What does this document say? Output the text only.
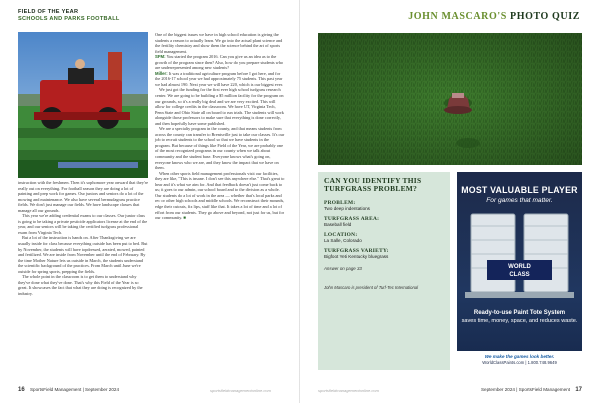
FIELD OF THE YEAR
SCHOOLS AND PARKS FOOTBALL

instruction with the freshmen. Then it's sophomore year onward that they're really out on everything. For football season they are doing a lot of painting and prep work for games. Our juniors and seniors do a lot of the mowing and maintenance. We also have several bermudagrass practice fields. We don't just manage our fields. We have landscape classes that manage all our grounds.

This year we're adding credential exams to our classes. Our junior class is going to be taking a private pesticide applicators license at the end of the year, and our seniors will be taking the certified turfgrass professional exam from Virginia Tech.

But a lot of the instruction is hands on. After Thanksgiving we are usually inside for class because everything outside has been put to bed. But by November, the students will have topdressed, aerated, mowed, painted and fertilized. We are inside from November until the end of February. By the time Mother Nature lets us outside in March, the students understand the scientific background of the practices. From March until June we're outside for spring sports, prepping the fields.

The whole point in the classroom is to get them to understand why they've done what they've done. That's why this Field of the Year is so great. It showcases the fact that what they are doing is recognized by the industry.

One of the biggest issues we have in high school education is giving the students a reason to actually learn. We go into the actual plant science and the fertility chemistry and show them the science behind the art of sports field management.

SFM: You started the program 2016. Can you give us an idea as to the growth of the program since then? Also, how do you prepare students who are underrepresented among new students?

Miller: It was a traditional agriculture program before I got here, and for the 2016-17 school year we had approximately 75 students. This past year we had almost 190. Next year we will have 220, which is our biggest ever.

We just got the funding for the first ever high school turfgrass research center. We are going to be building a $5 million facility for the program on our grounds, so it's a really big deal and we are very excited. This will allow for college credits in the classroom. We have UT, Virginia Tech, Penn State and Ohio State all on board to run trials. The students will work alongside those professors to make sure that everything is done correctly, and then hopefully have some published.

We are a specialty program in the county, and that means students from across the county can transfer to Brentsville just to take our classes. It's our job to recruit students to the school so that we have students in the program. But because of things like Field of the Year, we are probably one of the most recognized programs in our county when we talk about community and the student base. Everyone knows what's going on, everyone knows who we are, and they know the impact that we have on them.

When other sports field management professionals visit our facilities, they are like, "This is insane. I don't see this anywhere else." That's great to hear and it's what we aim for. And that feedback doesn't just come back to us; it goes to our admin, our school board and to the division as a whole. Our students do a lot of work in the area — whether that's local parks and rec or other high schools and middle schools. We reconstruct their mounds, edge their cutouts, fix lips, stuff like that. It takes a lot of time and a lot of effort from our students. They go above and beyond, not just for us, but for our community. ■

16 SportsField Management | September 2024	sportsfieldmanagementonline.com
JOHN MASCARO'S PHOTO QUIZ
CAN YOU IDENTIFY THIS TURFGRASS PROBLEM?
PROBLEM:
Two deep indentations
TURFGRASS AREA:
Baseball field
LOCATION:
La Salle, Colorado
TURFGRASS VARIETY:
Bigfoot Yeti Kentucky bluegrass
Answer on page 33
John Mascaro is president of Turf-Tec International
MOST VALUABLE PLAYER
For games that matter.
WORLD
CLASS
Ready-to-use Paint Tote System
saves time, money, space, and reduces waste.
We make the games look better.
WorldClassPaints.com | 1.800.748.9649
sportsfieldmanagementonline.com	September 2024 | SportsField Management 17
